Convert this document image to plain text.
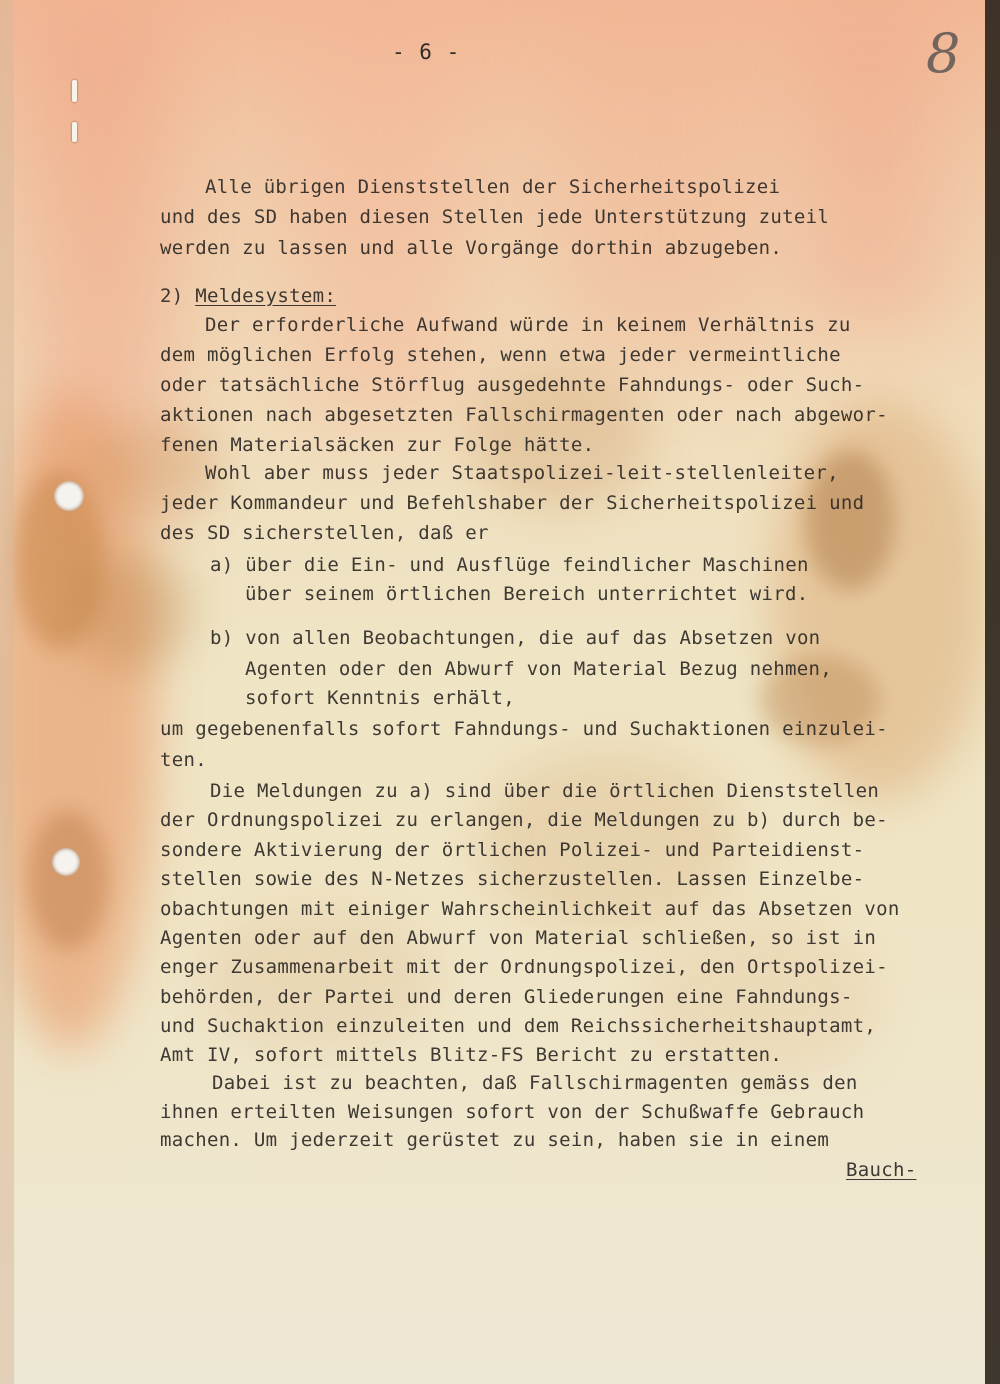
- 6 -	8
Alle übrigen Dienststellen der Sicherheitspolizei
und des SD haben diesen Stellen jede Unterstützung zuteil
werden zu lassen und alle Vorgänge dorthin abzugeben.
2) Meldesystem:
Der erforderliche Aufwand würde in keinem Verhältnis zu
dem möglichen Erfolg stehen, wenn etwa jeder vermeintliche
oder tatsächliche Störflug ausgedehnte Fahndungs- oder Such-
aktionen nach abgesetzten Fallschirmagenten oder nach abgewor-
fenen Materialsäcken zur Folge hätte.
Wohl aber muss jeder Staatspolizei-leit-stellenleiter,
jeder Kommandeur und Befehlshaber der Sicherheitspolizei und
des SD sicherstellen, daß er
a) über die Ein- und Ausflüge feindlicher Maschinen
über seinem örtlichen Bereich unterrichtet wird.
b) von allen Beobachtungen, die auf das Absetzen von
Agenten oder den Abwurf von Material Bezug nehmen,
sofort Kenntnis erhält,
um gegebenenfalls sofort Fahndungs- und Suchaktionen einzulei-
ten.
Die Meldungen zu a) sind über die örtlichen Dienststellen
der Ordnungspolizei zu erlangen, die Meldungen zu b) durch be-
sondere Aktivierung der örtlichen Polizei- und Parteidienst-
stellen sowie des N-Netzes sicherzustellen. Lassen Einzelbe-
obachtungen mit einiger Wahrscheinlichkeit auf das Absetzen von
Agenten oder auf den Abwurf von Material schließen, so ist in
enger Zusammenarbeit mit der Ordnungspolizei, den Ortspolizei-
behörden, der Partei und deren Gliederungen eine Fahndungs-
und Suchaktion einzuleiten und dem Reichssicherheitshauptamt,
Amt IV, sofort mittels Blitz-FS Bericht zu erstatten.
Dabei ist zu beachten, daß Fallschirmagenten gemäss den
ihnen erteilten Weisungen sofort von der Schußwaffe Gebrauch
machen. Um jederzeit gerüstet zu sein, haben sie in einem
Bauch-
